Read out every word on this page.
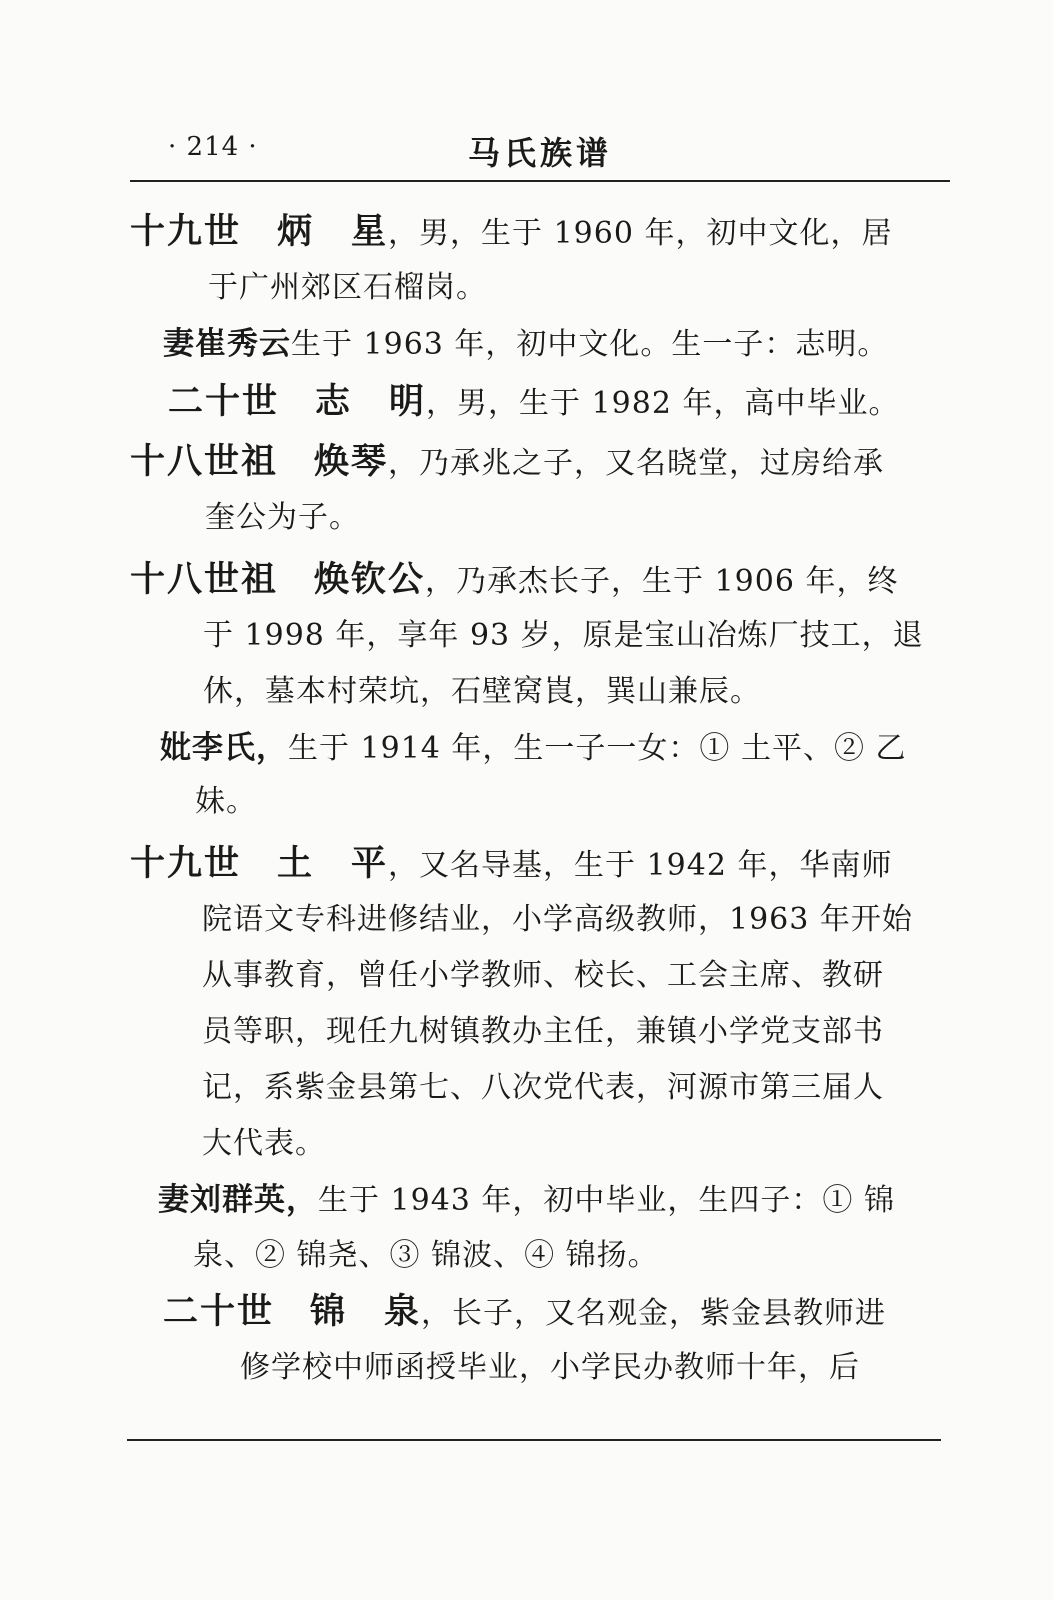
· 214 ·	马氏族谱
十九世 炳　星，男，生于 1960 年，初中文化，居
于广州郊区石榴岗。
妻崔秀云生于 1963 年，初中文化。生一子：志明。
二十世 志　明，男，生于 1982 年，高中毕业。
十八世祖 焕琴，乃承兆之子，又名晓堂，过房给承
奎公为子。
十八世祖 焕钦公，乃承杰长子，生于 1906 年，终
于 1998 年，享年 93 岁，原是宝山冶炼厂技工，退
休，墓本村荣坑，石壁窝崀，巽山兼辰。
妣李氏，生于 1914 年，生一子一女：① 土平、② 乙
妹。
十九世 土　平，又名导基，生于 1942 年，华南师
院语文专科进修结业，小学高级教师，1963 年开始
从事教育，曾任小学教师、校长、工会主席、教研
员等职，现任九树镇教办主任，兼镇小学党支部书
记，系紫金县第七、八次党代表，河源市第三届人
大代表。
妻刘群英，生于 1943 年，初中毕业，生四子：① 锦
泉、② 锦尧、③ 锦波、④ 锦扬。
二十世 锦　泉，长子，又名观金，紫金县教师进
修学校中师函授毕业，小学民办教师十年，后
